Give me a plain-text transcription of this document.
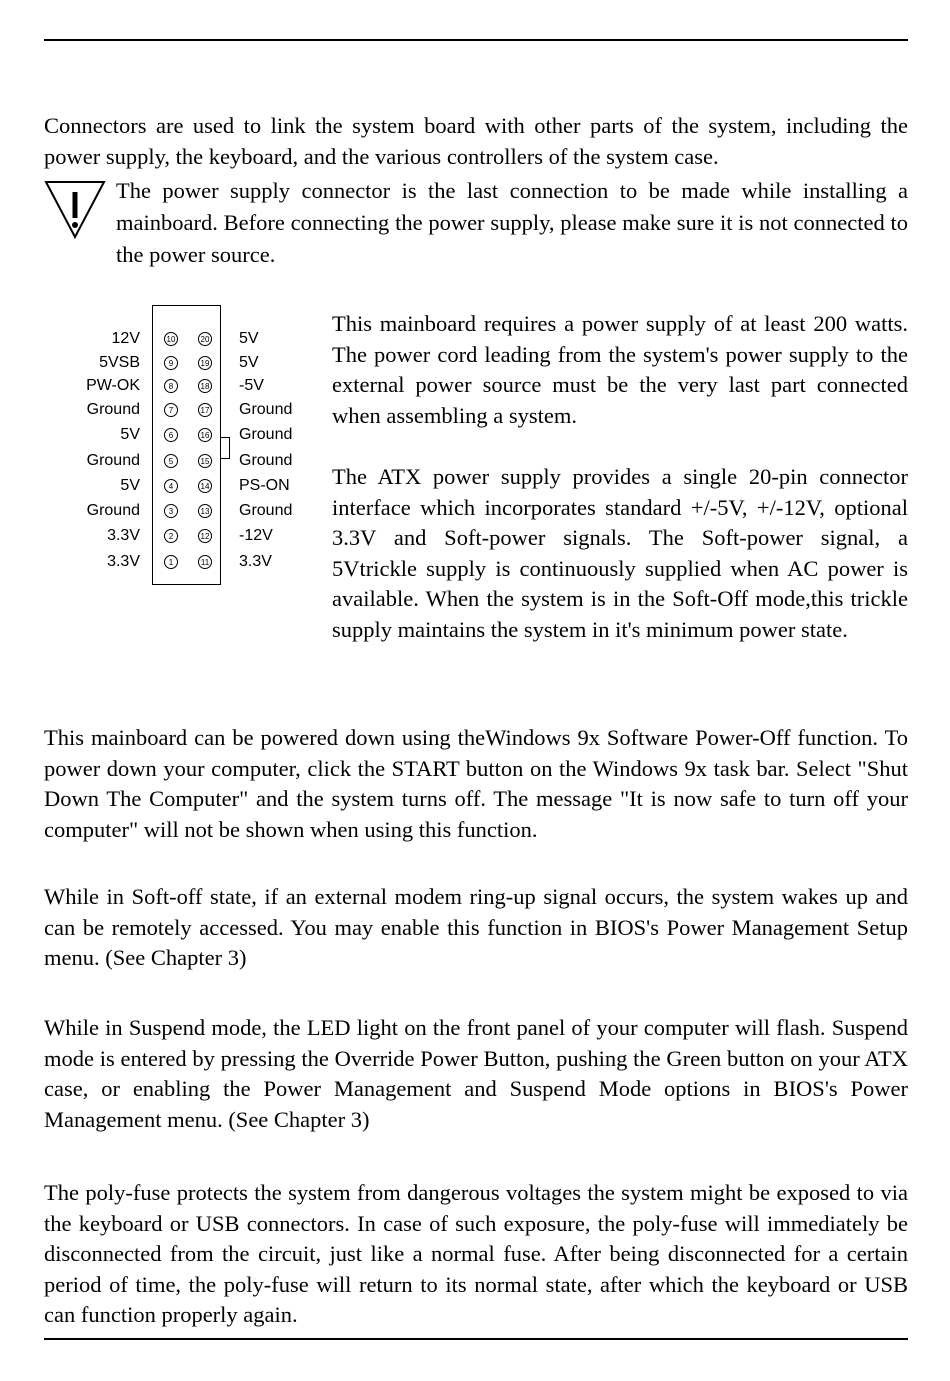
Connectors are used to link the system board with other parts of the system, including the power supply, the keyboard, and the various controllers of the system case.

The power supply connector is the last connection to be made while installing a mainboard. Before connecting the power supply, please make sure it is not connected to the power source.

12V	10	20 5V
5VSB	9	19 5V
PW-OK	8	18 -5V
Ground	7	17 Ground
5V	6	16 Ground
Ground	5	15 Ground
5V	4	14 PS-ON
Ground	3	13 Ground
3.3V	2	12 -12V
3.3V	1	11 3.3V

This mainboard requires a power supply of at least 200 watts. The power cord leading from the system's power supply to the external power source must be the very last part connected when assembling a system.

The ATX power supply provides a single 20-pin connector interface which incorporates standard +/-5V, +/-12V, optional 3.3V and Soft-power signals. The Soft-power signal, a 5Vtrickle supply is continuously supplied when AC power is available. When the system is in the Soft-Off mode,this trickle supply maintains the system in it's minimum power state.

This mainboard can be powered down using theWindows 9x Software Power-Off function. To power down your computer, click the START button on the Windows 9x task bar. Select "Shut Down The Computer" and the system turns off. The message "It is now safe to turn off your computer" will not be shown when using this function.

While in Soft-off state, if an external modem ring-up signal occurs, the system wakes up and can be remotely accessed. You may enable this function in BIOS's Power Management Setup menu. (See Chapter 3)

While in Suspend mode, the LED light on the front panel of your computer will flash. Suspend mode is entered by pressing the Override Power Button, pushing the Green button on your ATX case, or enabling the Power Management and Suspend Mode options in BIOS's Power Management menu. (See Chapter 3)

The poly-fuse protects the system from dangerous voltages the system might be exposed to via the keyboard or USB connectors. In case of such exposure, the poly-fuse will immediately be disconnected from the circuit, just like a normal fuse. After being disconnected for a certain period of time, the poly-fuse will return to its normal state, after which the keyboard or USB can function properly again.
